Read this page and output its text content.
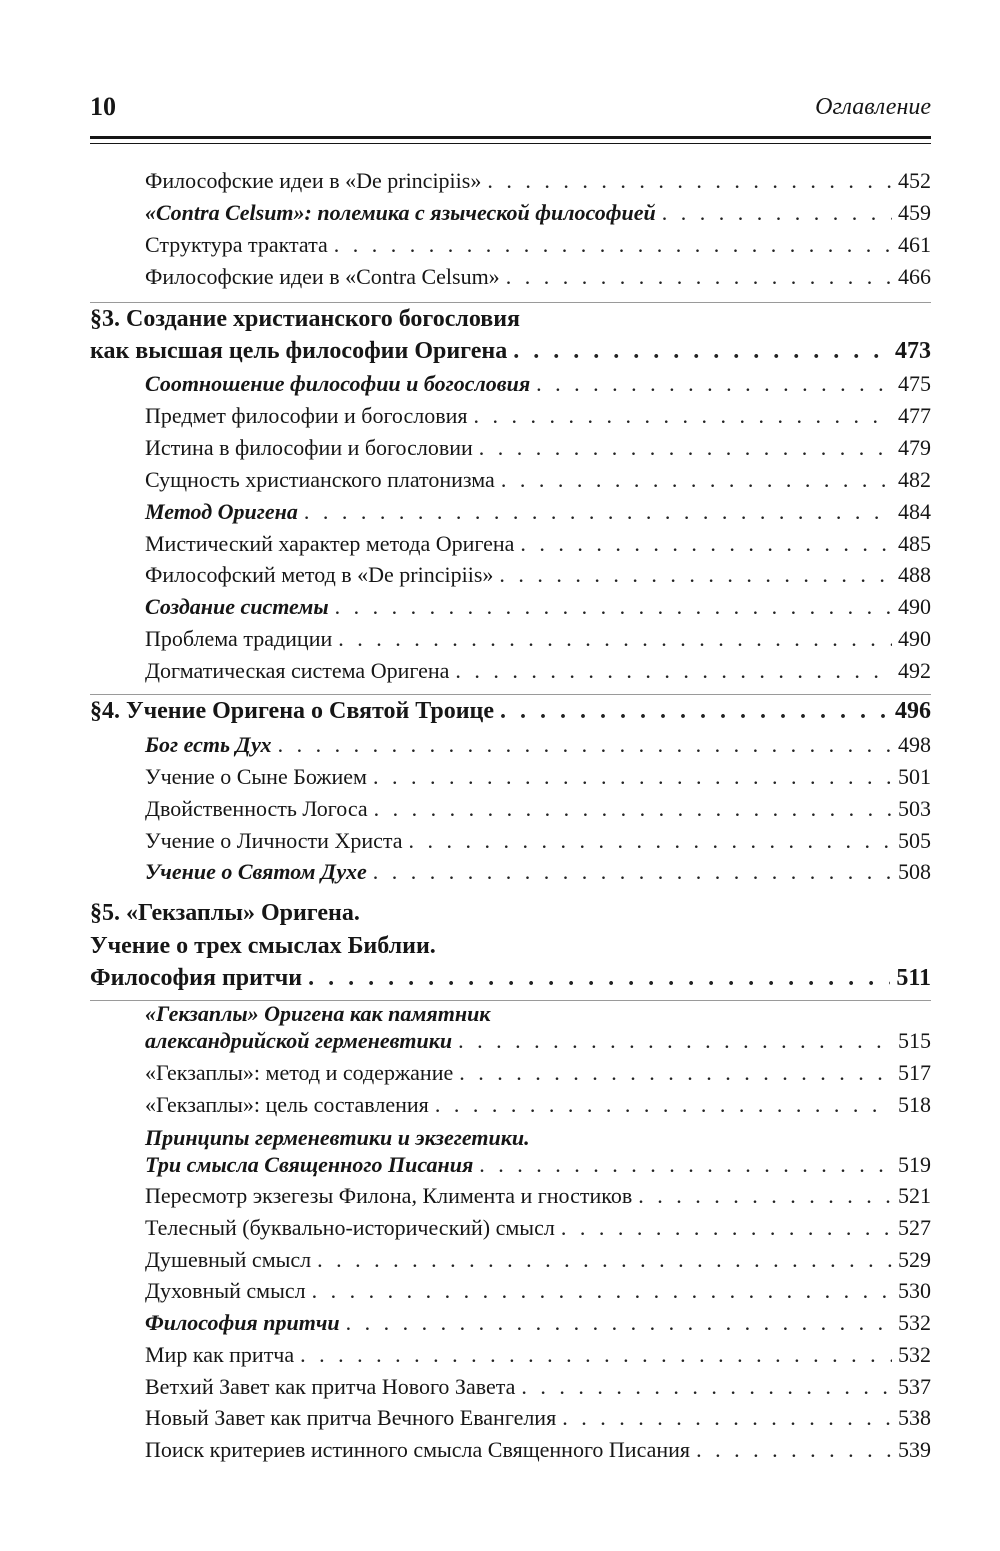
10	Оглавление
Философские идеи в «De principiis» . . .	452
«Contra Celsum»: полемика с языческой философией . . .	459
Структура трактата . . .	461
Философские идеи в «Contra Celsum» . . .	466
§3. Создание христианского богословия
как высшая цель философии Оригена . . .	473
Соотношение философии и богословия . . .	475
Предмет философии и богословия . . .	477
Истина в философии и богословии . . .	479
Сущность христианского платонизма . . .	482
Метод Оригена . . .	484
Мистический характер метода Оригена . . .	485
Философский метод в «De principiis» . . .	488
Создание системы . . .	490
Проблема традиции . . .	490
Догматическая система Оригена . . .	492
§4. Учение Оригена о Святой Троице . . .	496
Бог есть Дух . . .	498
Учение о Сыне Божием . . .	501
Двойственность Логоса . . .	503
Учение о Личности Христа . . .	505
Учение о Святом Духе . . .	508
§5. «Гекзаплы» Оригена.
Учение о трех смыслах Библии.
Философия притчи . . .	511
«Гекзаплы» Оригена как памятник
александрийской герменевтики . . .	515
«Гекзаплы»: метод и содержание . . .	517
«Гекзаплы»: цель составления . . .	518
Принципы герменевтики и экзегетики.
Три смысла Священного Писания . . .	519
Пересмотр экзегезы Филона, Климента и гностиков . . .	521
Телесный (буквально-исторический) смысл . . .	527
Душевный смысл . . .	529
Духовный смысл . . .	530
Философия притчи . . .	532
Мир как притча . . .	532
Ветхий Завет как притча Нового Завета . . .	537
Новый Завет как притча Вечного Евангелия . . .	538
Поиск критериев истинного смысла Священного Писания . . .	539
